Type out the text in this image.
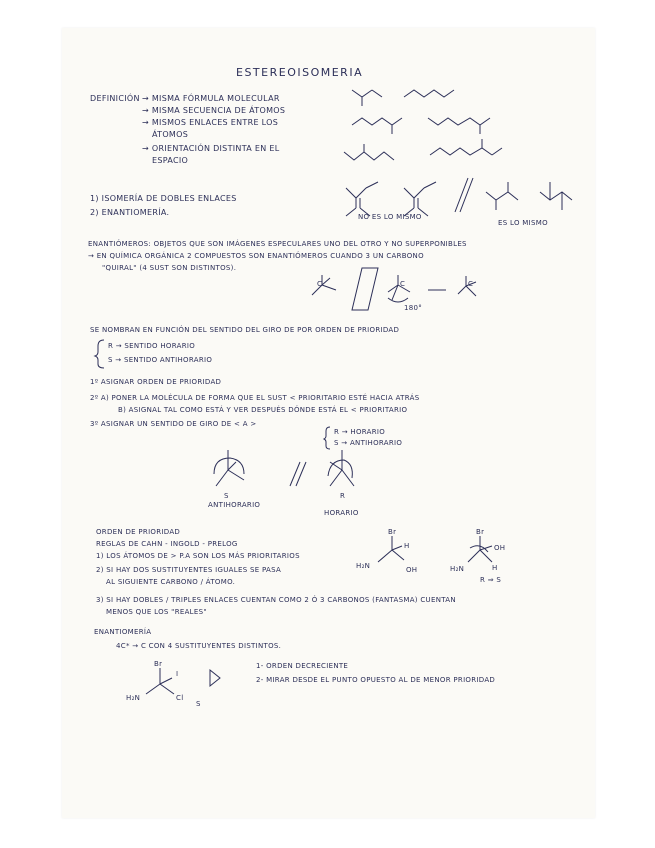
ESTEREOISOMERIA
DEFINICIÓN → MISMA FÓRMULA MOLECULAR
→ MISMA SECUENCIA DE ÁTOMOS
→ MISMOS ENLACES ENTRE LOS
ÁTOMOS
→ ORIENTACIÓN DISTINTA EN EL
ESPACIO
1) ISOMERÍA DE DOBLES ENLACES
2) ENANTIOMERÍA.	NO ES LO MISMO
ES LO MISMO
ENANTIÓMEROS: OBJETOS QUE SON IMÁGENES ESPECULARES UNO DEL OTRO Y NO SUPERPONIBLES
→ EN QUÍMICA ORGÁNICA 2 COMPUESTOS SON ENANTIÓMEROS CUANDO 3 UN CARBONO
"QUIRAL" (4 SUST SON DISTINTOS).
C	C	C
180°
SE NOMBRAN EN FUNCIÓN DEL SENTIDO DEL GIRO DE POR ORDEN DE PRIORIDAD
R → SENTIDO HORARIO
S → SENTIDO ANTIHORARIO
1º ASIGNAR ORDEN DE PRIORIDAD
2º A) PONER LA MOLÉCULA DE FORMA QUE EL SUST < PRIORITARIO ESTÉ HACIA ATRÁS
B) ASIGNAL TAL COMO ESTÁ Y VER DESPUÉS DÓNDE ESTÁ EL < PRIORITARIO
3º ASIGNAR UN SENTIDO DE GIRO DE < A >
R → HORARIO
S → ANTIHORARIO
S
ANTIHORARIO
R
HORARIO
ORDEN DE PRIORIDAD
REGLAS DE CAHN - INGOLD - PRELOG
1) LOS ÁTOMOS DE > P.A SON LOS MÁS PRIORITARIOS
2) SI HAY DOS SUSTITUYENTES IGUALES SE PASA
AL SIGUIENTE CARBONO / ÁTOMO.
3) SI HAY DOBLES / TRIPLES ENLACES CUENTAN COMO 2 Ó 3 CARBONOS (FANTASMA) CUENTAN
MENOS QUE LOS "REALES"
Br
H
H₂N	OH
Br
OH
H₂N	H
R ⇒ S
ENANTIOMERÍA
4C* → C CON 4 SUSTITUYENTES DISTINTOS.
Br
I
H₂N	Cl
S
1- ORDEN DECRECIENTE
2- MIRAR DESDE EL PUNTO OPUESTO AL DE MENOR PRIORIDAD
